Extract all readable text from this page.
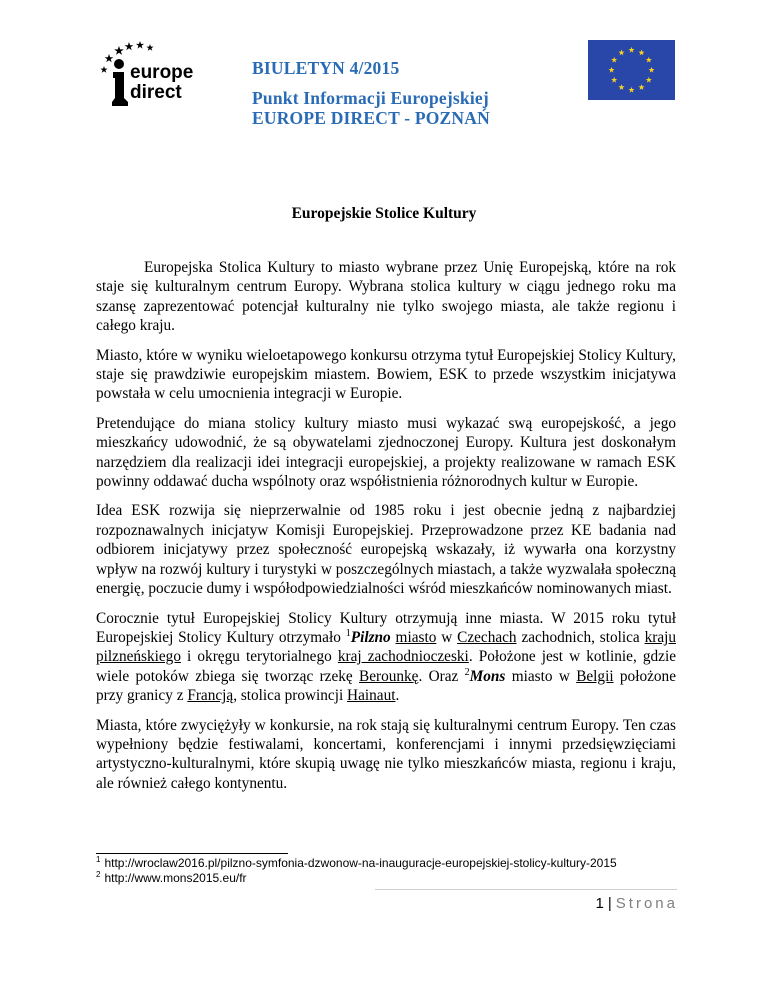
europe
direct
BIULETYN 4/2015
Punkt Informacji Europejskiej
EUROPE DIRECT - POZNAŃ
Europejskie Stolice Kultury

Europejska Stolica Kultury to miasto wybrane przez Unię Europejską, które na rok staje się kulturalnym centrum Europy. Wybrana stolica kultury w ciągu jednego roku ma szansę zaprezentować potencjał kulturalny nie tylko swojego miasta, ale także regionu i całego kraju.

Miasto, które w wyniku wieloetapowego konkursu otrzyma tytuł Europejskiej Stolicy Kultury, staje się prawdziwie europejskim miastem. Bowiem, ESK to przede wszystkim inicjatywa powstała w celu umocnienia integracji w Europie.

Pretendujące do miana stolicy kultury miasto musi wykazać swą europejskość, a jego mieszkańcy udowodnić, że są obywatelami zjednoczonej Europy. Kultura jest doskonałym narzędziem dla realizacji idei integracji europejskiej, a projekty realizowane w ramach ESK powinny oddawać ducha wspólnoty oraz współistnienia różnorodnych kultur w Europie.

Idea ESK rozwija się nieprzerwalnie od 1985 roku i jest obecnie jedną z najbardziej rozpoznawalnych inicjatyw Komisji Europejskiej. Przeprowadzone przez KE badania nad odbiorem inicjatywy przez społeczność europejską wskazały, iż wywarła ona korzystny wpływ na rozwój kultury i turystyki w poszczególnych miastach, a także wyzwalała społeczną energię, poczucie dumy i współodpowiedzialności wśród mieszkańców nominowanych miast.

Corocznie tytuł Europejskiej Stolicy Kultury otrzymują inne miasta. W 2015 roku tytuł Europejskiej Stolicy Kultury otrzymało $^1$Pilzno miasto w Czechach zachodnich, stolica kraju pilzneńskiego i okręgu terytorialnego kraj zachodnioczeski. Położone jest w kotlinie, gdzie wiele potoków zbiega się tworząc rzekę Berounkę. Oraz $^2$Mons miasto w Belgii położone przy granicy z Francją, stolica prowincji Hainaut.

Miasta, które zwyciężyły w konkursie, na rok stają się kulturalnymi centrum Europy. Ten czas wypełniony będzie festiwalami, koncertami, konferencjami i innymi przedsięwzięciami artystyczno-kulturalnymi, które skupią uwagę nie tylko mieszkańców miasta, regionu i kraju, ale również całego kontynentu.

$^1$ http://wroclaw2016.pl/pilzno-symfonia-dzwonow-na-inauguracje-europejskiej-stolicy-kultury-2015
$^2$ http://www.mons2015.eu/fr
1 | Strona
